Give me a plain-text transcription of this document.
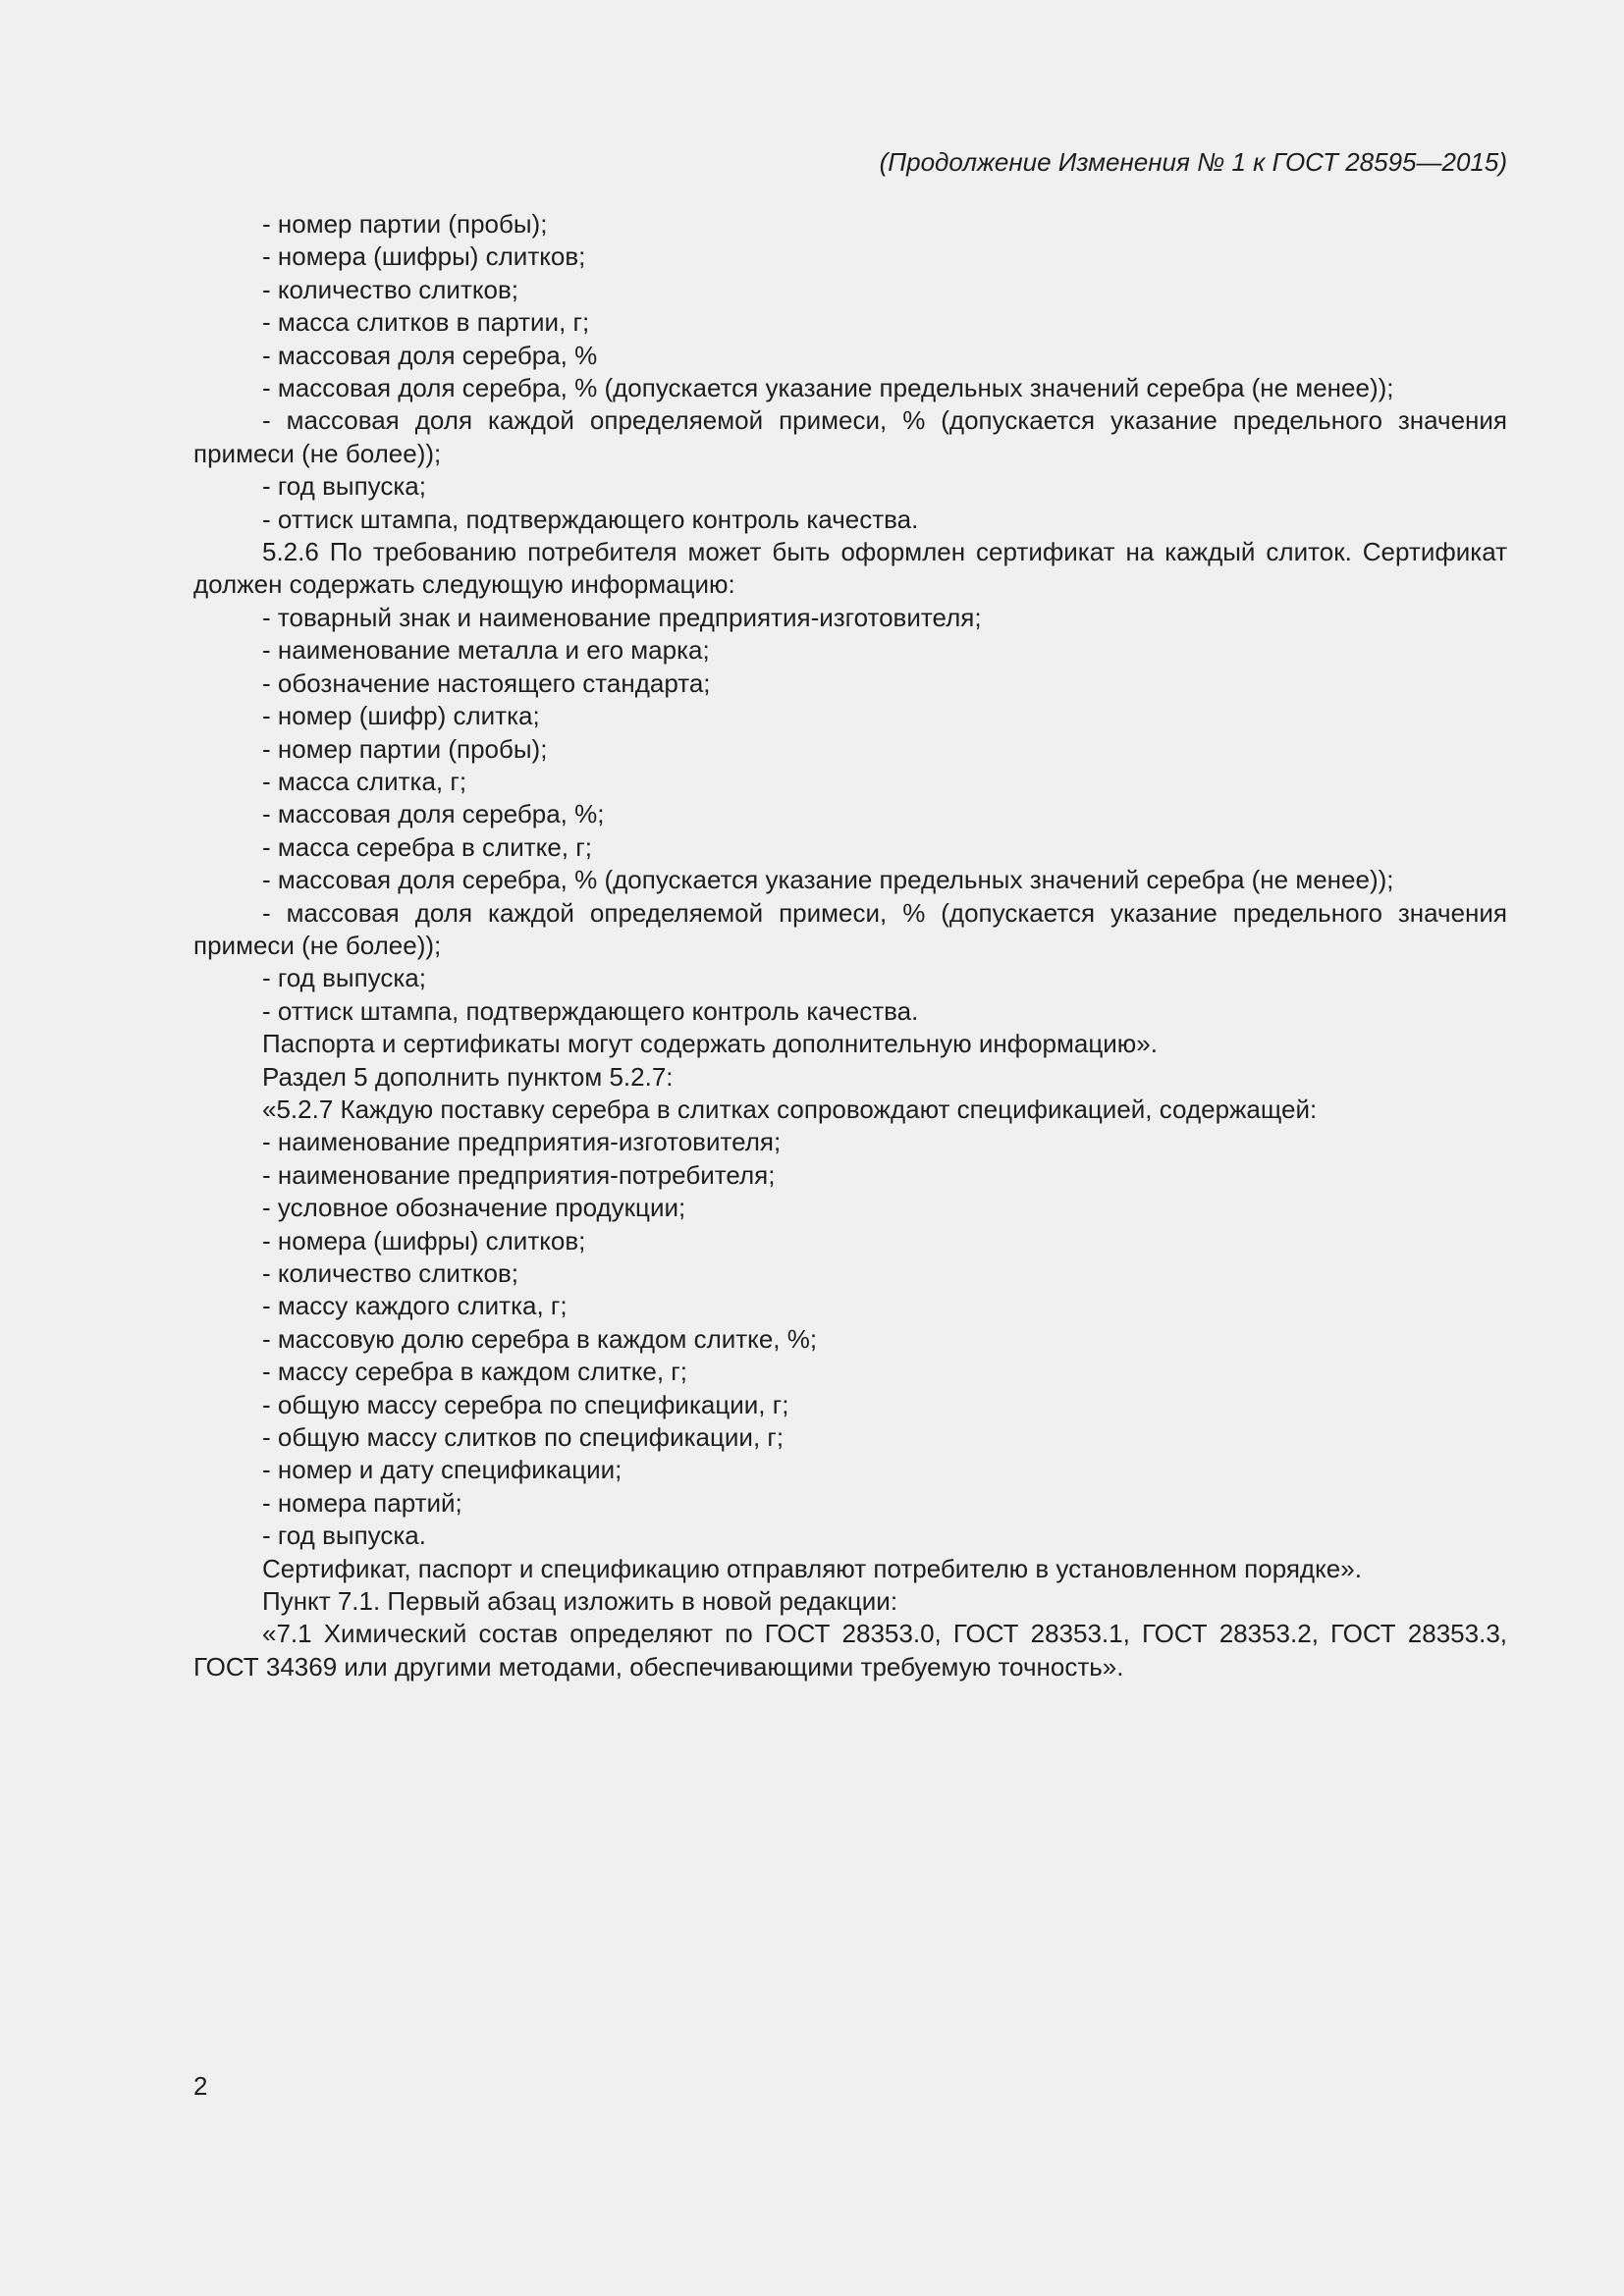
(Продолжение Изменения № 1 к ГОСТ 28595—2015)
- номер партии (пробы);
- номера (шифры) слитков;
- количество слитков;
- масса слитков в партии, г;
- массовая доля серебра, %
- массовая доля серебра, % (допускается указание предельных значений серебра (не менее));
- массовая доля каждой определяемой примеси, % (допускается указание предельного значения примеси (не более));
- год выпуска;
- оттиск штампа, подтверждающего контроль качества.
5.2.6 По требованию потребителя может быть оформлен сертификат на каждый слиток. Сертификат должен содержать следующую информацию:
- товарный знак и наименование предприятия-изготовителя;
- наименование металла и его марка;
- обозначение настоящего стандарта;
- номер (шифр) слитка;
- номер партии (пробы);
- масса слитка, г;
- массовая доля серебра, %;
- масса серебра в слитке, г;
- массовая доля серебра, % (допускается указание предельных значений серебра (не менее));
- массовая доля каждой определяемой примеси, % (допускается указание предельного значения примеси (не более));
- год выпуска;
- оттиск штампа, подтверждающего контроль качества.
Паспорта и сертификаты могут содержать дополнительную информацию».
Раздел 5 дополнить пунктом 5.2.7:
«5.2.7 Каждую поставку серебра в слитках сопровождают спецификацией, содержащей:
- наименование предприятия-изготовителя;
- наименование предприятия-потребителя;
- условное обозначение продукции;
- номера (шифры) слитков;
- количество слитков;
- массу каждого слитка, г;
- массовую долю серебра в каждом слитке, %;
- массу серебра в каждом слитке, г;
- общую массу серебра по спецификации, г;
- общую массу слитков по спецификации, г;
- номер и дату спецификации;
- номера партий;
- год выпуска.
Сертификат, паспорт и спецификацию отправляют потребителю в установленном порядке».
Пункт 7.1. Первый абзац изложить в новой редакции:
«7.1 Химический состав определяют по ГОСТ 28353.0, ГОСТ 28353.1, ГОСТ 28353.2, ГОСТ 28353.3, ГОСТ 34369 или другими методами, обеспечивающими требуемую точность».
2
